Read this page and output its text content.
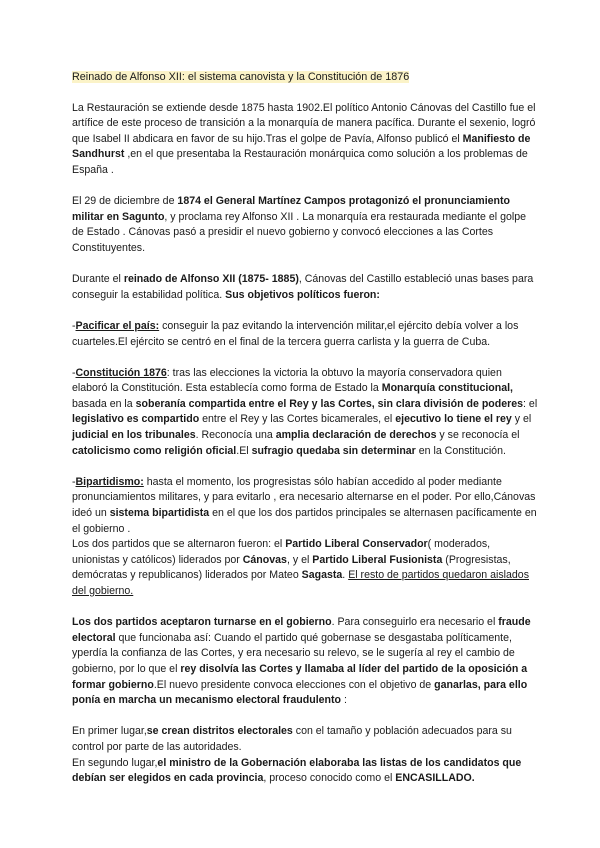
Reinado de Alfonso XII: el sistema canovista y la Constitución de 1876

La Restauración se extiende desde 1875 hasta 1902.El político Antonio Cánovas del Castillo fue el artífice de este proceso de transición a la monarquía de manera pacífica. Durante el sexenio, logró que Isabel II abdicara en favor de su hijo.Tras el golpe de Pavía, Alfonso publicó el Manifiesto de Sandhurst ,en el que presentaba la Restauración monárquica como solución a los problemas de España .

El 29 de diciembre de 1874 el General Martínez Campos protagonizó el pronunciamiento militar en Sagunto, y proclama rey Alfonso XII . La monarquía era restaurada mediante el golpe de Estado . Cánovas pasó a presidir el nuevo gobierno y convocó elecciones a las Cortes Constituyentes.

Durante el reinado de Alfonso XII (1875- 1885), Cánovas del Castillo estableció unas bases para conseguir la estabilidad política. Sus objetivos políticos fueron:

-Pacificar el país: conseguir la paz evitando la intervención militar,el ejército debía volver a los cuarteles.El ejército se centró en el final de la tercera guerra carlista y la guerra de Cuba.

-Constitución 1876: tras las elecciones la victoria la obtuvo la mayoría conservadora quien elaboró la Constitución. Esta establecía como forma de Estado la Monarquía constitucional, basada en la soberanía compartida entre el Rey y las Cortes, sin clara división de poderes: el legislativo es compartido entre el Rey y las Cortes bicamerales, el ejecutivo lo tiene el rey y el judicial en los tribunales. Reconocía una amplia declaración de derechos y se reconocía el catolicismo como religión oficial.El sufragio quedaba sin determinar en la Constitución.

-Bipartidismo: hasta el momento, los progresistas sólo habían accedido al poder mediante pronunciamientos militares, y para evitarlo , era necesario alternarse en el poder. Por ello,Cánovas ideó un sistema bipartidista en el que los dos partidos principales se alternasen pacíficamente en el gobierno .

Los dos partidos que se alternaron fueron: el Partido Liberal Conservador( moderados, unionistas y católicos) liderados por Cánovas, y el Partido Liberal Fusionista (Progresistas, demócratas y republicanos) liderados por Mateo Sagasta. El resto de partidos quedaron aislados del gobierno.

Los dos partidos aceptaron turnarse en el gobierno. Para conseguirlo era necesario el fraude electoral que funcionaba así: Cuando el partido qué gobernase se desgastaba políticamente, yperdía la confianza de las Cortes, y era necesario su relevo, se le sugería al rey el cambio de gobierno, por lo que el rey disolvía las Cortes y llamaba al líder del partido de la oposición a formar gobierno.El nuevo presidente convoca elecciones con el objetivo de ganarlas, para ello ponía en marcha un mecanismo electoral fraudulento :

En primer lugar,se crean distritos electorales con el tamaño y población adecuados para su control por parte de las autoridades.

En segundo lugar,el ministro de la Gobernación elaboraba las listas de los candidatos que debían ser elegidos en cada provincia, proceso conocido como el ENCASILLADO.
